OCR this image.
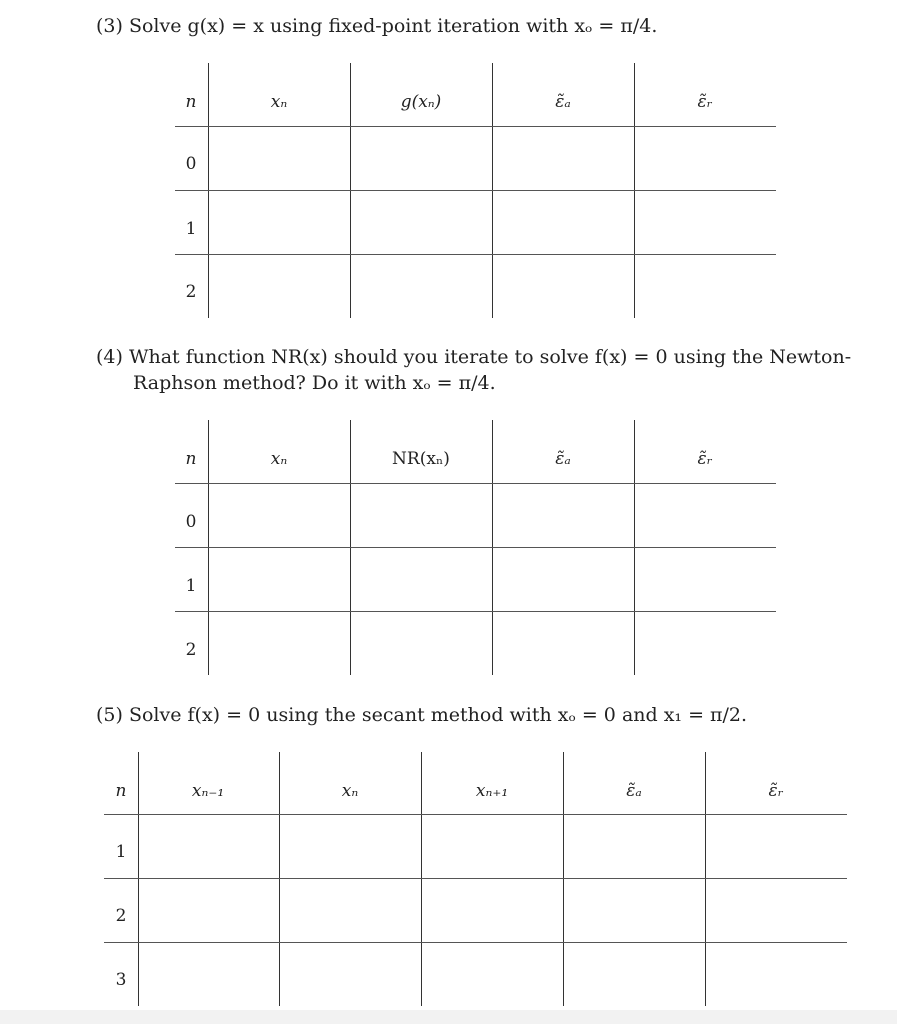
(3) Solve g(x) = x using fixed-point iteration with xₒ = π/4.

n	xₙ	g(xₙ)	ε̃ₐ	ε̃ᵣ
0
1
2

(4) What function NR(x) should you iterate to solve f(x) = 0 using the Newton-

Raphson method? Do it with xₒ = π/4.

n	xₙ	NR(xₙ)	ε̃ₐ	ε̃ᵣ
0
1
2

(5) Solve f(x) = 0 using the secant method with xₒ = 0 and x₁ = π/2.

n	xₙ₋₁	xₙ	xₙ₊₁	ε̃ₐ	ε̃ᵣ
1
2
3
